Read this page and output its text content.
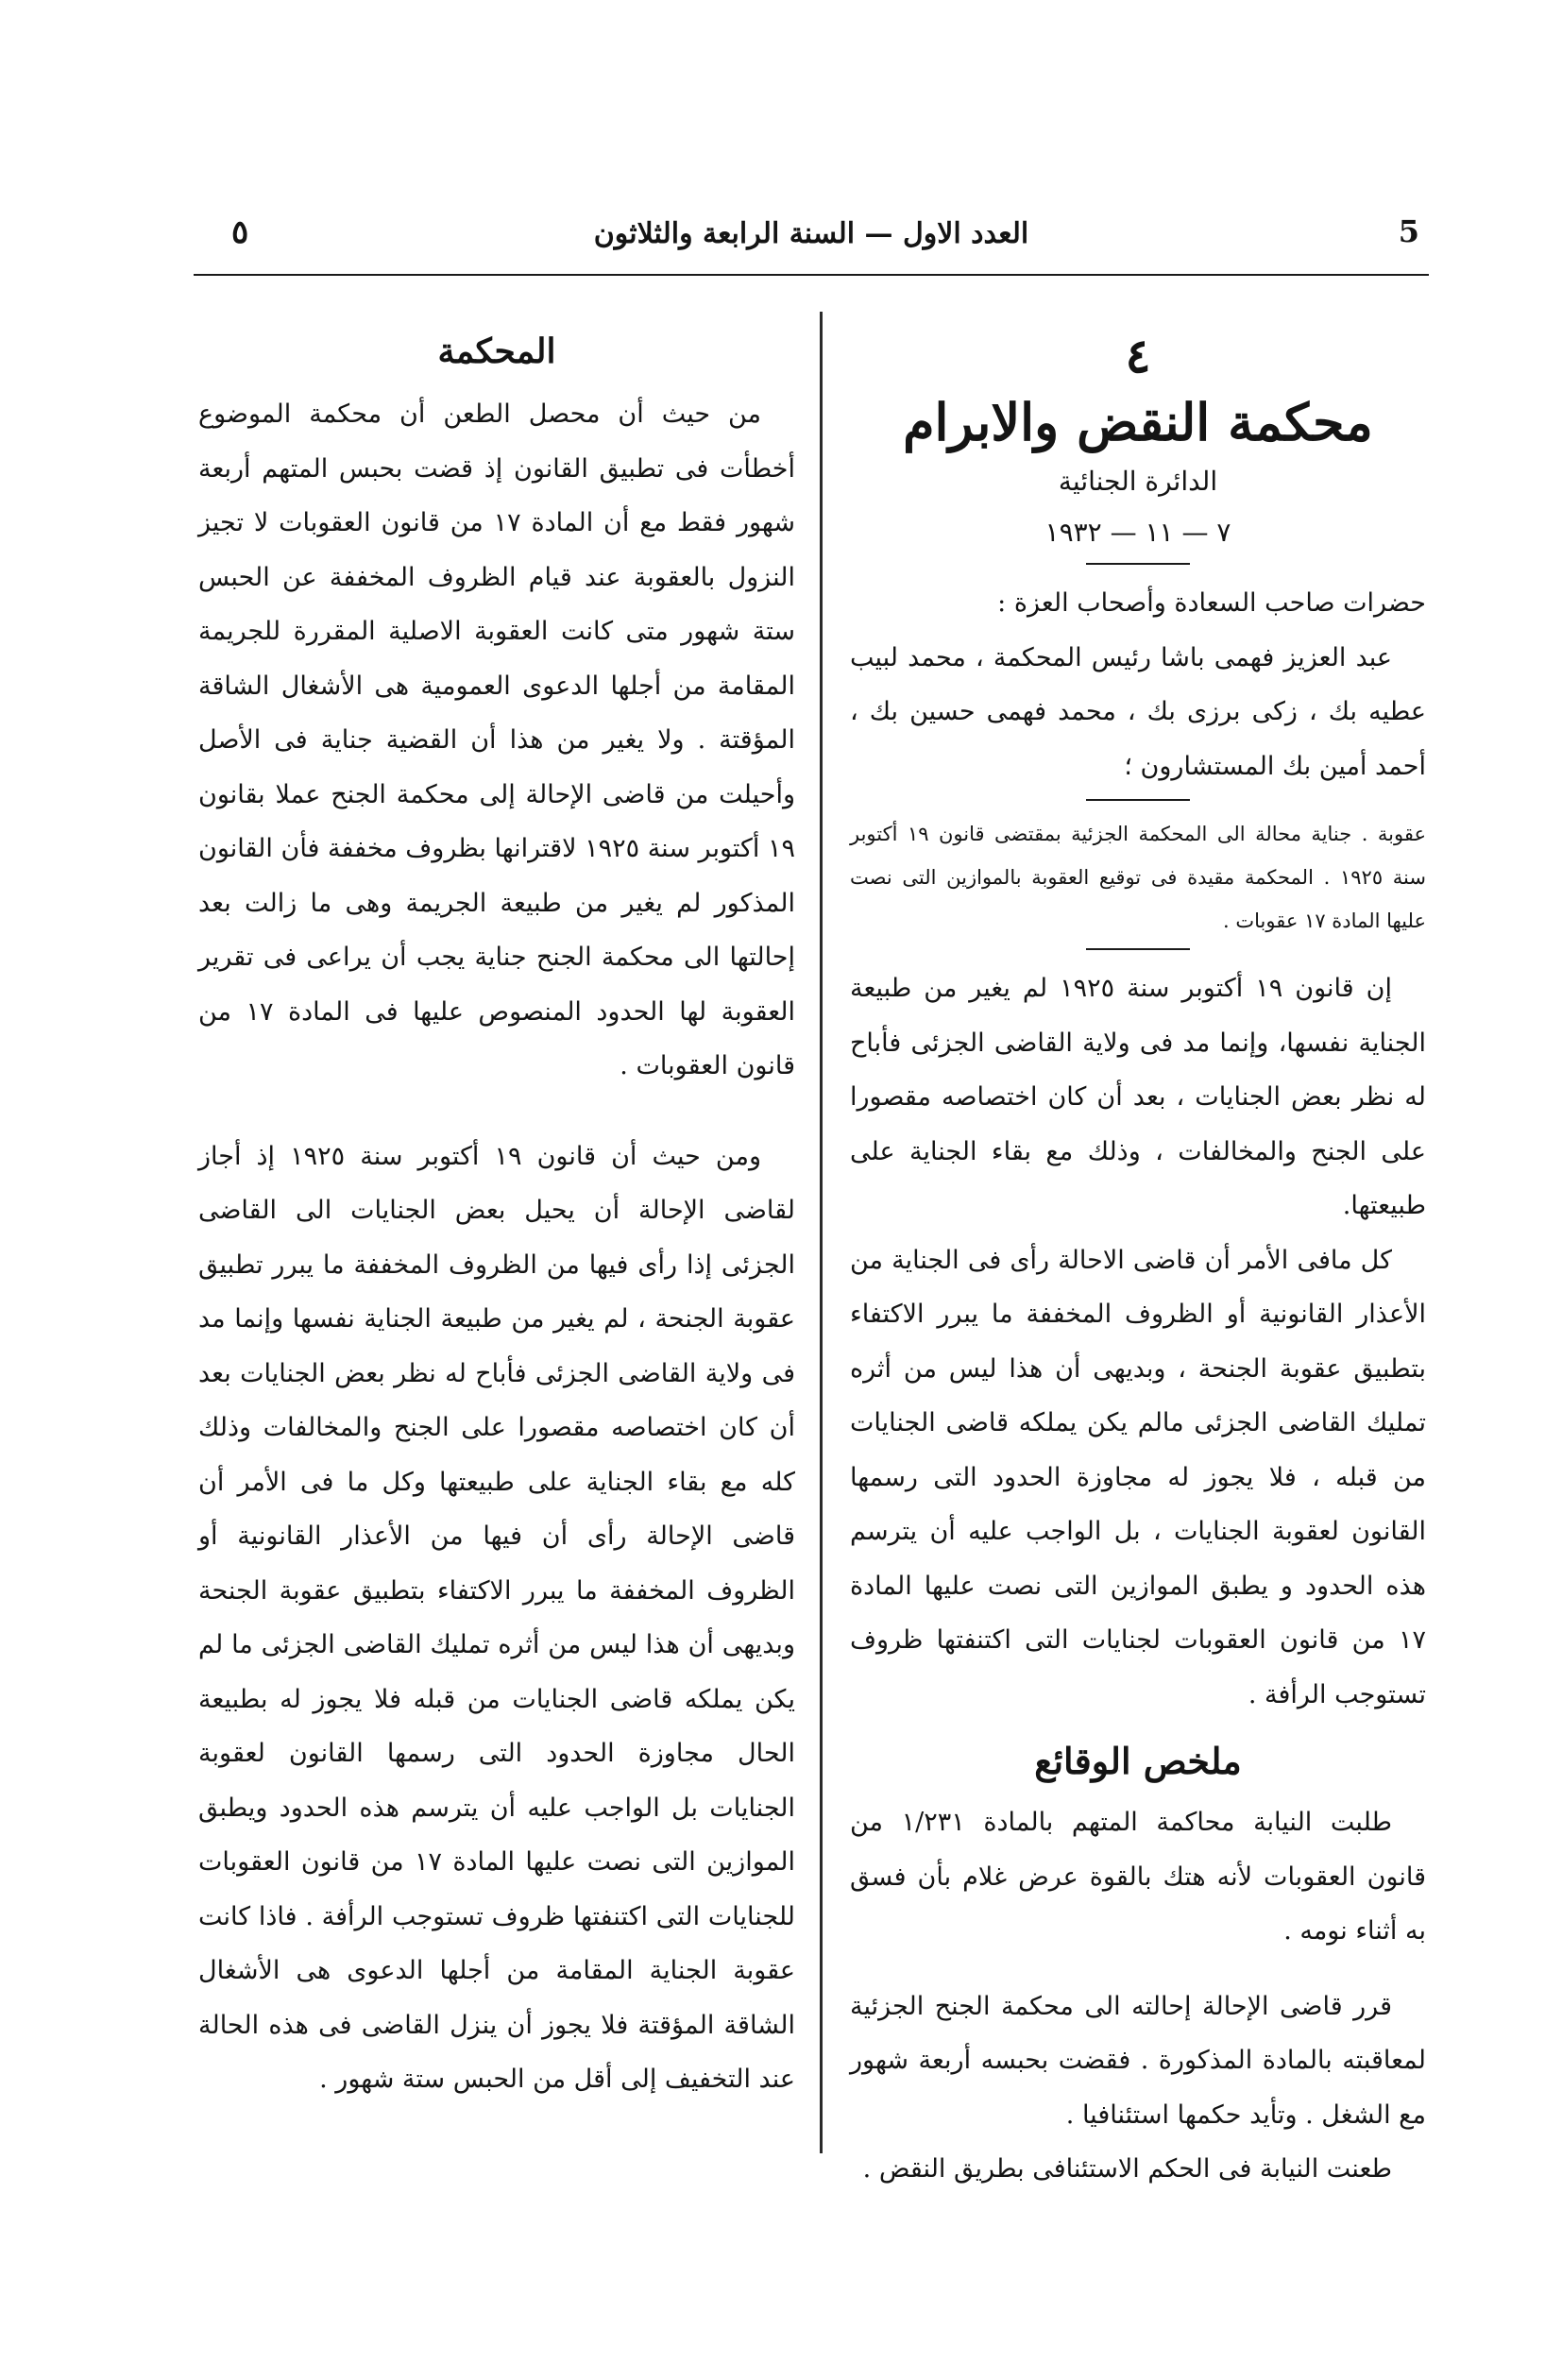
٥	العدد الاول — السنة الرابعة والثلاثون	5

٤

محكمة النقض والابرام

الدائرة الجنائية

٧ — ١١ — ١٩٣٢

حضرات صاحب السعادة وأصحاب العزة :

عبد العزيز فهمى باشا رئيس المحكمة ، محمد لبيب عطيه بك ، زكى برزى بك ، محمد فهمى حسين بك ، أحمد أمين بك المستشارون ؛

عقوبة . جناية محالة الى المحكمة الجزئية بمقتضى قانون ١٩ أكتوبر سنة ١٩٢٥ . المحكمة مقيدة فى توقيع العقوبة بالموازين التى نصت عليها المادة ١٧ عقوبات .

إن قانون ١٩ أكتوبر سنة ١٩٢٥ لم يغير من طبيعة الجناية نفسها، وإنما مد فى ولاية القاضى الجزئى فأباح له نظر بعض الجنايات ، بعد أن كان اختصاصه مقصورا على الجنح والمخالفات ، وذلك مع بقاء الجناية على طبيعتها.

كل مافى الأمر أن قاضى الاحالة رأى فى الجناية من الأعذار القانونية أو الظروف المخففة ما يبرر الاكتفاء بتطبيق عقوبة الجنحة ، وبديهى أن هذا ليس من أثره تمليك القاضى الجزئى مالم يكن يملكه قاضى الجنايات من قبله ، فلا يجوز له مجاوزة الحدود التى رسمها القانون لعقوبة الجنايات ، بل الواجب عليه أن يترسم هذه الحدود و يطبق الموازين التى نصت عليها المادة ١٧ من قانون العقوبات لجنايات التى اكتنفتها ظروف تستوجب الرأفة .

ملخص الوقائع

طلبت النيابة محاكمة المتهم بالمادة ١/٢٣١ من قانون العقوبات لأنه هتك بالقوة عرض غلام بأن فسق به أثناء نومه .

قرر قاضى الإحالة إحالته الى محكمة الجنح الجزئية لمعاقبته بالمادة المذكورة . فقضت بحبسه أربعة شهور مع الشغل . وتأيد حكمها استئنافيا .

طعنت النيابة فى الحكم الاستئنافى بطريق النقض .

المحكمة

من حيث أن محصل الطعن أن محكمة الموضوع أخطأت فى تطبيق القانون إذ قضت بحبس المتهم أربعة شهور فقط مع أن المادة ١٧ من قانون العقوبات لا تجيز النزول بالعقوبة عند قيام الظروف المخففة عن الحبس ستة شهور متى كانت العقوبة الاصلية المقررة للجريمة المقامة من أجلها الدعوى العمومية هى الأشغال الشاقة المؤقتة . ولا يغير من هذا أن القضية جناية فى الأصل وأحيلت من قاضى الإحالة إلى محكمة الجنح عملا بقانون ١٩ أكتوبر سنة ١٩٢٥ لاقترانها بظروف مخففة فأن القانون المذكور لم يغير من طبيعة الجريمة وهى ما زالت بعد إحالتها الى محكمة الجنح جناية يجب أن يراعى فى تقرير العقوبة لها الحدود المنصوص عليها فى المادة ١٧ من قانون العقوبات .

ومن حيث أن قانون ١٩ أكتوبر سنة ١٩٢٥ إذ أجاز لقاضى الإحالة أن يحيل بعض الجنايات الى القاضى الجزئى إذا رأى فيها من الظروف المخففة ما يبرر تطبيق عقوبة الجنحة ، لم يغير من طبيعة الجناية نفسها وإنما مد فى ولاية القاضى الجزئى فأباح له نظر بعض الجنايات بعد أن كان اختصاصه مقصورا على الجنح والمخالفات وذلك كله مع بقاء الجناية على طبيعتها وكل ما فى الأمر أن قاضى الإحالة رأى أن فيها من الأعذار القانونية أو الظروف المخففة ما يبرر الاكتفاء بتطبيق عقوبة الجنحة وبديهى أن هذا ليس من أثره تمليك القاضى الجزئى ما لم يكن يملكه قاضى الجنايات من قبله فلا يجوز له بطبيعة الحال مجاوزة الحدود التى رسمها القانون لعقوبة الجنايات بل الواجب عليه أن يترسم هذه الحدود ويطبق الموازين التى نصت عليها المادة ١٧ من قانون العقوبات للجنايات التى اكتنفتها ظروف تستوجب الرأفة . فاذا كانت عقوبة الجناية المقامة من أجلها الدعوى هى الأشغال الشاقة المؤقتة فلا يجوز أن ينزل القاضى فى هذه الحالة عند التخفيف إلى أقل من الحبس ستة شهور .
